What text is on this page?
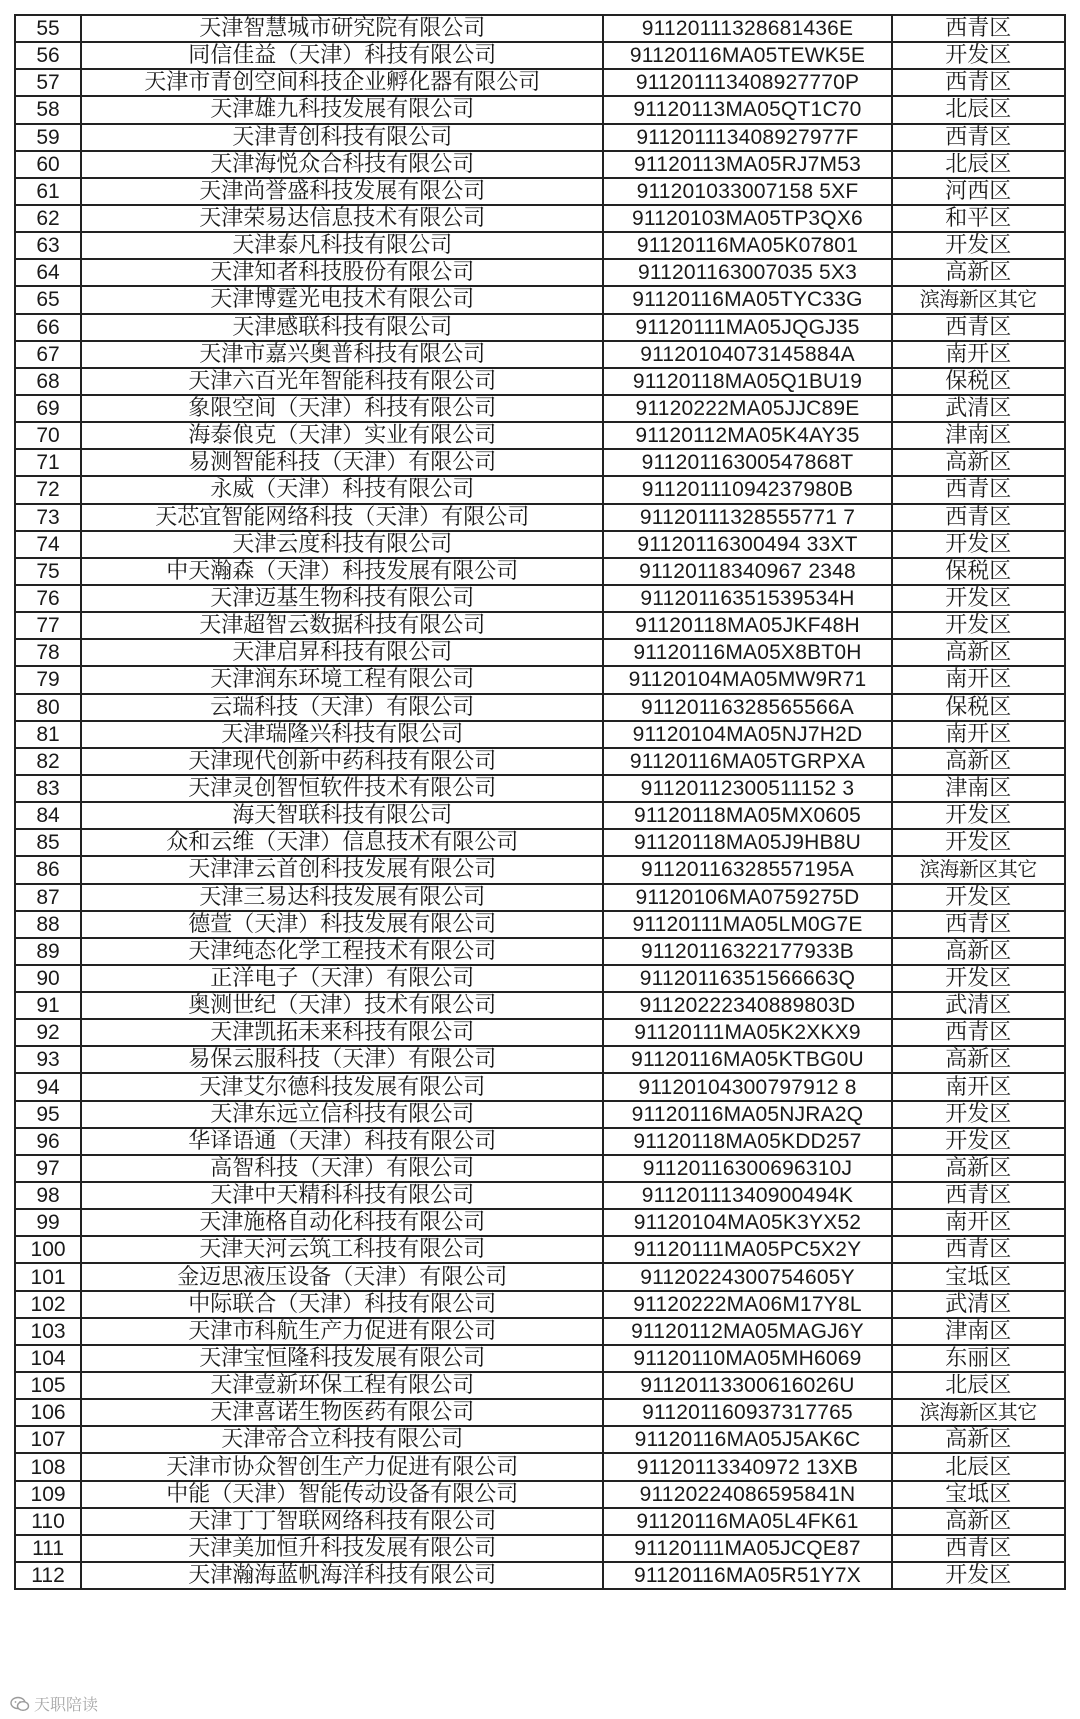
55	天津智慧城市研究院有限公司	91120111328681436E	西青区
56	同信佳益（天津）科技有限公司	91120116MA05TEWK5E	开发区
57	天津市青创空间科技企业孵化器有限公司	911201113408927770P	西青区
58	天津雄九科技发展有限公司	91120113MA05QT1C70	北辰区
59	天津青创科技有限公司	911201113408927977F	西青区
60	天津海悦众合科技有限公司	91120113MA05RJ7M53	北辰区
61	天津尚誉盛科技发展有限公司	911201033007158 5XF	河西区
62	天津荣易达信息技术有限公司	91120103MA05TP3QX6	和平区
63	天津泰凡科技有限公司	91120116MA05K07801	开发区
64	天津知者科技股份有限公司	911201163007035 5X3	高新区
65	天津博霆光电技术有限公司	91120116MA05TYC33G	滨海新区其它
66	天津感联科技有限公司	91120111MA05JQGJ35	西青区
67	天津市嘉兴奥普科技有限公司	91120104073145884A	南开区
68	天津六百光年智能科技有限公司	91120118MA05Q1BU19	保税区
69	象限空间（天津）科技有限公司	91120222MA05JJC89E	武清区
70	海泰俍克（天津）实业有限公司	91120112MA05K4AY35	津南区
71	易测智能科技（天津）有限公司	91120116300547868T	高新区
72	永威（天津）科技有限公司	91120111094237980B	西青区
73	天芯宜智能网络科技（天津）有限公司	91120111328555771 7	西青区
74	天津云度科技有限公司	91120116300494 33XT	开发区
75	中天瀚森（天津）科技发展有限公司	91120118340967 2348	保税区
76	天津迈基生物科技有限公司	91120116351539534H	开发区
77	天津超智云数据科技有限公司	91120118MA05JKF48H	开发区
78	天津启昇科技有限公司	91120116MA05X8BT0H	高新区
79	天津润东环境工程有限公司	91120104MA05MW9R71	南开区
80	云瑞科技（天津）有限公司	91120116328565566A	保税区
81	天津瑞隆兴科技有限公司	91120104MA05NJ7H2D	南开区
82	天津现代创新中药科技有限公司	91120116MA05TGRPXA	高新区
83	天津灵创智恒软件技术有限公司	91120112300511152 3	津南区
84	海天智联科技有限公司	91120118MA05MX0605	开发区
85	众和云维（天津）信息技术有限公司	91120118MA05J9HB8U	开发区
86	天津津云首创科技发展有限公司	91120116328557195A	滨海新区其它
87	天津三易达科技发展有限公司	91120106MA0759275D	开发区
88	德萱（天津）科技发展有限公司	91120111MA05LM0G7E	西青区
89	天津纯态化学工程技术有限公司	91120116322177933B	高新区
90	正洋电子（天津）有限公司	91120116351566663Q	开发区
91	奥测世纪（天津）技术有限公司	91120222340889803D	武清区
92	天津凯拓未来科技有限公司	91120111MA05K2XKX9	西青区
93	易保云服科技（天津）有限公司	91120116MA05KTBG0U	高新区
94	天津艾尔德科技发展有限公司	91120104300797912 8	南开区
95	天津东远立信科技有限公司	91120116MA05NJRA2Q	开发区
96	华译语通（天津）科技有限公司	91120118MA05KDD257	开发区
97	高智科技（天津）有限公司	91120116300696310J	高新区
98	天津中天精科科技有限公司	91120111340900494K	西青区
99	天津施格自动化科技有限公司	91120104MA05K3YX52	南开区
100	天津天河云筑工科技有限公司	91120111MA05PC5X2Y	西青区
101	金迈思液压设备（天津）有限公司	91120224300754605Y	宝坻区
102	中际联合（天津）科技有限公司	91120222MA06M17Y8L	武清区
103	天津市科航生产力促进有限公司	91120112MA05MAGJ6Y	津南区
104	天津宝恒隆科技发展有限公司	91120110MA05MH6069	东丽区
105	天津壹新环保工程有限公司	91120113300616026U	北辰区
106	天津喜诺生物医药有限公司	911201160937317765	滨海新区其它
107	天津帝合立科技有限公司	91120116MA05J5AK6C	高新区
108	天津市协众智创生产力促进有限公司	91120113340972 13XB	北辰区
109	中能（天津）智能传动设备有限公司	91120224086595841N	宝坻区
110	天津丁丁智联网络科技有限公司	91120116MA05L4FK61	高新区
111	天津美加恒升科技发展有限公司	91120111MA05JCQE87	西青区
112	天津瀚海蓝帆海洋科技有限公司	91120116MA05R51Y7X	开发区
天职陪读
